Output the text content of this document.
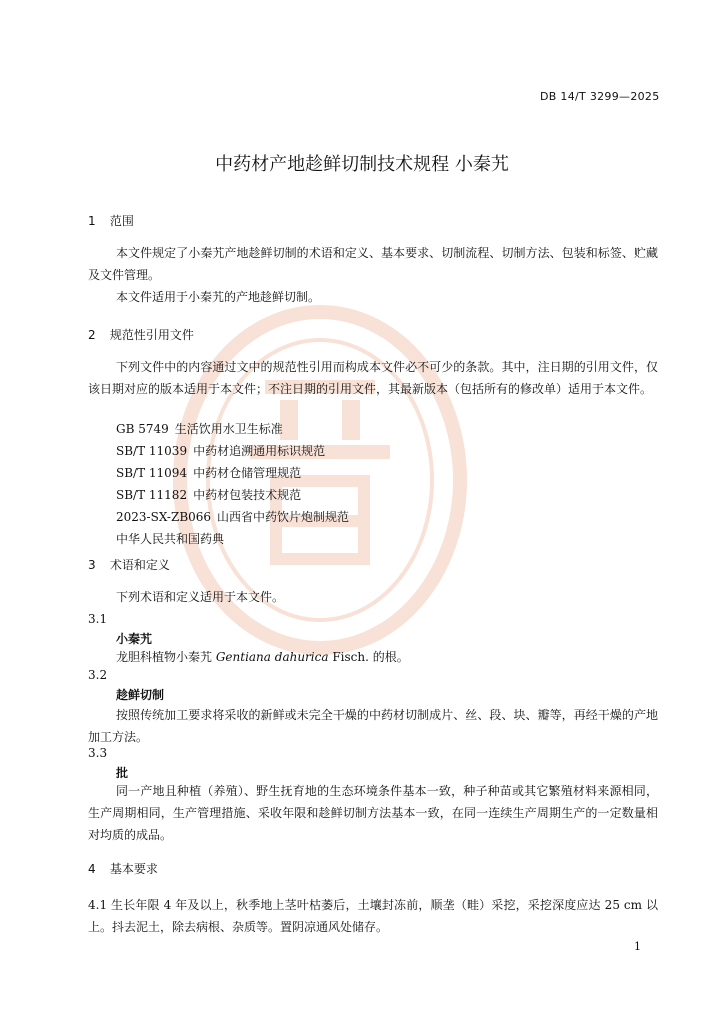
DB 14/T 3299—2025
中药材产地趁鲜切制技术规程 小秦艽
1 范围

本文件规定了小秦艽产地趁鲜切制的术语和定义、基本要求、切制流程、切制方法、包装和标签、贮藏及文件管理。

本文件适用于小秦艽的产地趁鲜切制。

2 规范性引用文件

下列文件中的内容通过文中的规范性引用而构成本文件必不可少的条款。其中，注日期的引用文件，仅该日期对应的版本适用于本文件；不注日期的引用文件，其最新版本（包括所有的修改单）适用于本文件。

GB 5749 生活饮用水卫生标准
SB/T 11039 中药材追溯通用标识规范
SB/T 11094 中药材仓储管理规范
SB/T 11182 中药材包装技术规范
2023-SX-ZB066 山西省中药饮片炮制规范
中华人民共和国药典
3 术语和定义

下列术语和定义适用于本文件。

3.1
小秦艽

龙胆科植物小秦艽 Gentiana dahurica Fisch. 的根。

3.2
趁鲜切制

按照传统加工要求将采收的新鲜或未完全干燥的中药材切制成片、丝、段、块、瓣等，再经干燥的产地加工方法。

3.3
批

同一产地且种植（养殖）、野生抚育地的生态环境条件基本一致，种子种苗或其它繁殖材料来源相同，生产周期相同，生产管理措施、采收年限和趁鲜切制方法基本一致，在同一连续生产周期生产的一定数量相对均质的成品。

4 基本要求

4.1 生长年限 4 年及以上，秋季地上茎叶枯萎后，土壤封冻前，顺垄（畦）采挖，采挖深度应达 25 cm 以上。抖去泥土，除去病根、杂质等。置阴凉通风处储存。

1
